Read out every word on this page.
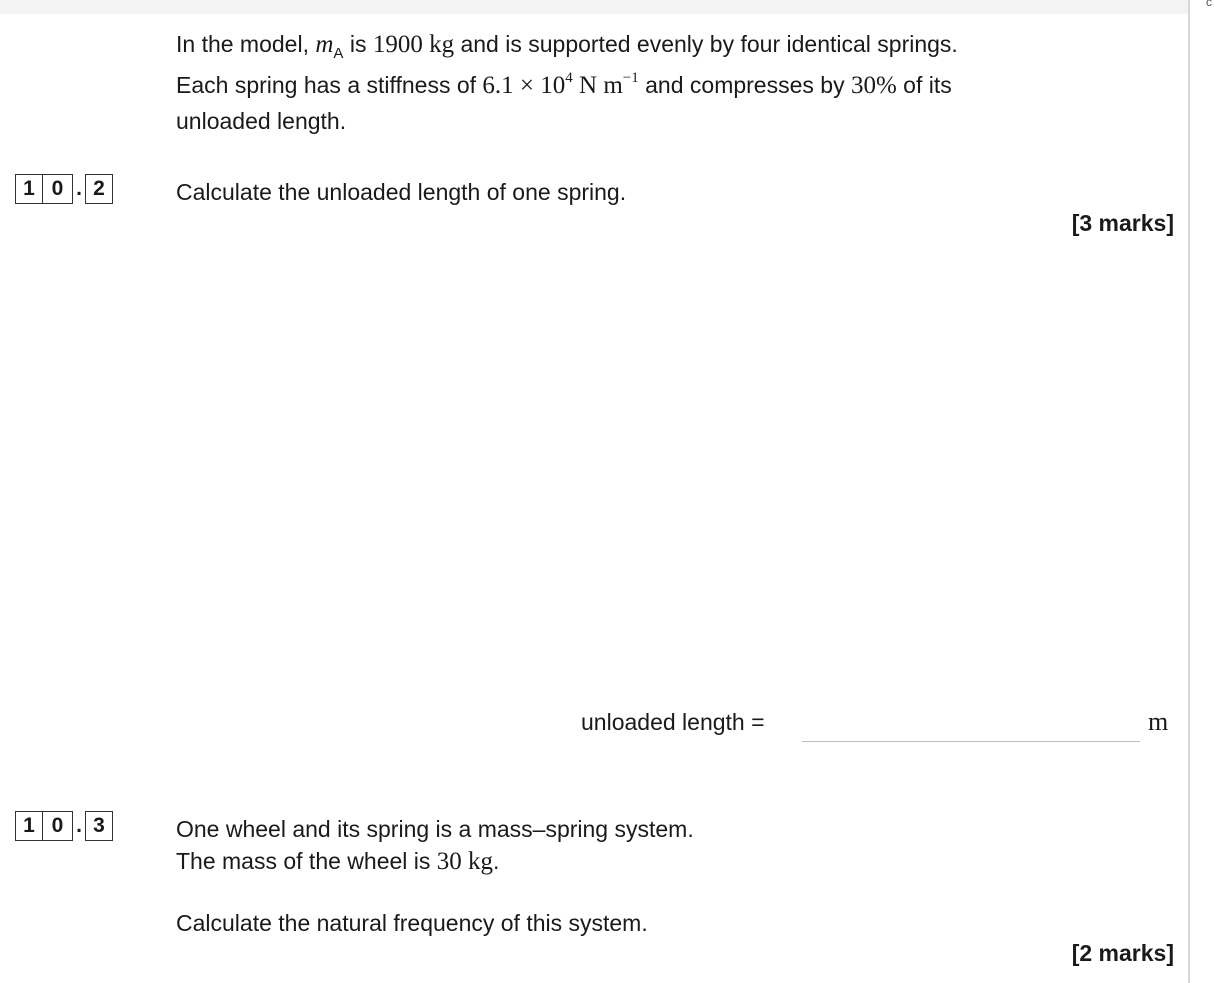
c

In the model, $m_A$ is 1900 kg and is supported evenly by four identical springs.

Each spring has a stiffness of $6.1 \times 10^4$ N $m^{-1}$ and compresses by 30% of its

unloaded length.

1 0 . 2	Calculate the unloaded length of one spring.

[3 marks]
unloaded length =	m
1 0 . 3	One wheel and its spring is a mass–spring system.

The mass of the wheel is 30 kg.

Calculate the natural frequency of this system.

[2 marks]
